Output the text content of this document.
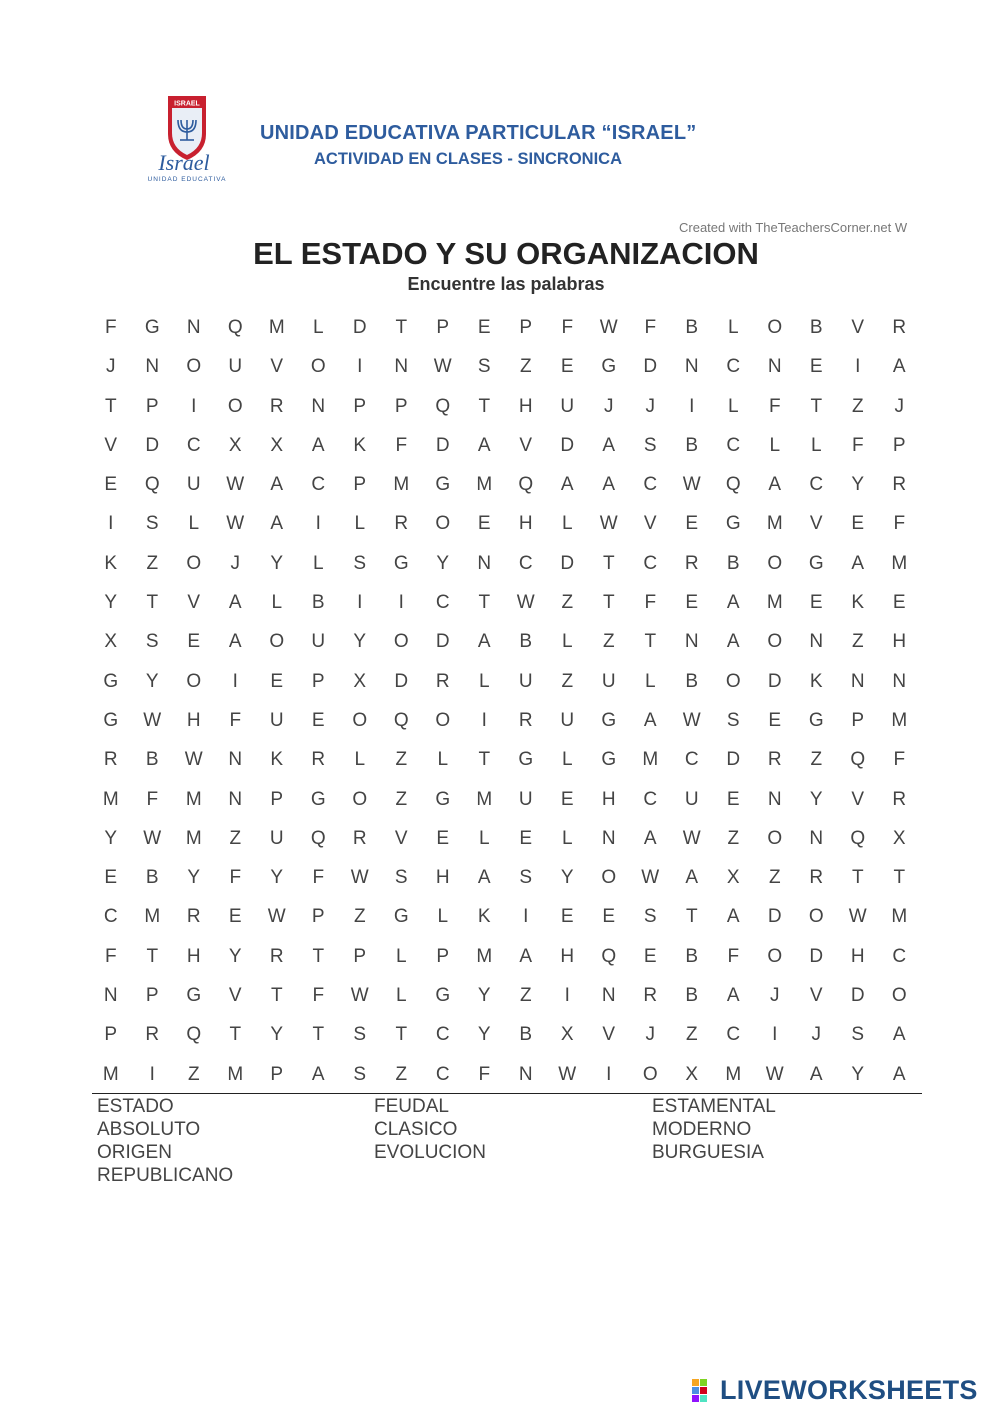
ISRAEL
Israel
UNIDAD EDUCATIVA
UNIDAD EDUCATIVA PARTICULAR “ISRAEL”
ACTIVIDAD EN CLASES - SINCRONICA
Created with TheTeachersCorner.net W
EL ESTADO Y SU ORGANIZACION
Encuentre las palabras
F	G	N	Q	M	L	D	T	P	E	P	F	W	F	B	L	O	B	V	R
J	N	O	U	V	O	I	N	W	S	Z	E	G	D	N	C	N	E	I	A
T	P	I	O	R	N	P	P	Q	T	H	U	J	J	I	L	F	T	Z	J
V	D	C	X	X	A	K	F	D	A	V	D	A	S	B	C	L	L	F	P
E	Q	U	W	A	C	P	M	G	M	Q	A	A	C	W	Q	A	C	Y	R
I	S	L	W	A	I	L	R	O	E	H	L	W	V	E	G	M	V	E	F
K	Z	O	J	Y	L	S	G	Y	N	C	D	T	C	R	B	O	G	A	M
Y	T	V	A	L	B	I	I	C	T	W	Z	T	F	E	A	M	E	K	E
X	S	E	A	O	U	Y	O	D	A	B	L	Z	T	N	A	O	N	Z	H
G	Y	O	I	E	P	X	D	R	L	U	Z	U	L	B	O	D	K	N	N
G	W	H	F	U	E	O	Q	O	I	R	U	G	A	W	S	E	G	P	M
R	B	W	N	K	R	L	Z	L	T	G	L	G	M	C	D	R	Z	Q	F
M	F	M	N	P	G	O	Z	G	M	U	E	H	C	U	E	N	Y	V	R
Y	W	M	Z	U	Q	R	V	E	L	E	L	N	A	W	Z	O	N	Q	X
E	B	Y	F	Y	F	W	S	H	A	S	Y	O	W	A	X	Z	R	T	T
C	M	R	E	W	P	Z	G	L	K	I	E	E	S	T	A	D	O	W	M
F	T	H	Y	R	T	P	L	P	M	A	H	Q	E	B	F	O	D	H	C
N	P	G	V	T	F	W	L	G	Y	Z	I	N	R	B	A	J	V	D	O
P	R	Q	T	Y	T	S	T	C	Y	B	X	V	J	Z	C	I	J	S	A
M	I	Z	M	P	A	S	Z	C	F	N	W	I	O	X	M	W	A	Y	A
ESTADO
ABSOLUTO
ORIGEN
REPUBLICANO
FEUDAL
CLASICO
EVOLUCION
ESTAMENTAL
MODERNO
BURGUESIA
LIVEWORKSHEETS
